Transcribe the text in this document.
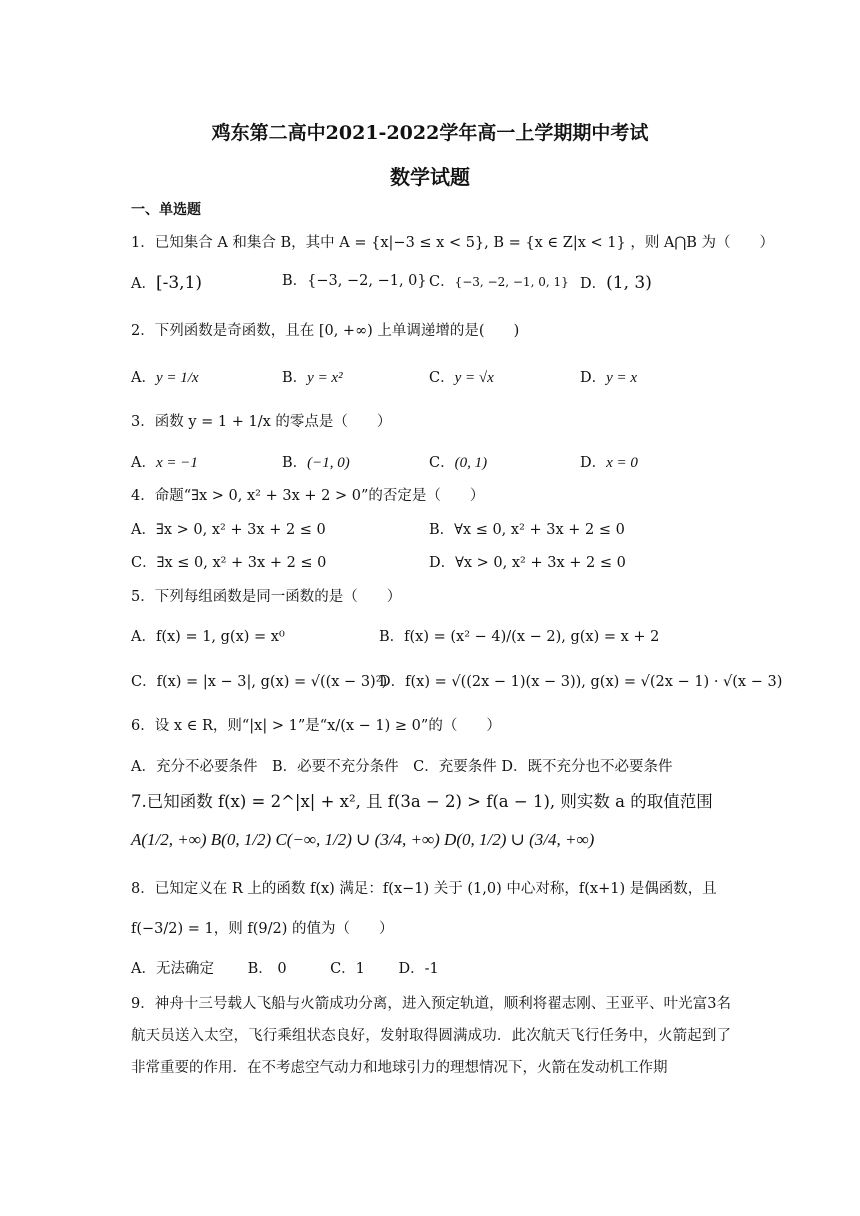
鸡东第二高中2021-2022学年高一上学期期中考试
数学试题
一、单选题
1．已知集合 A 和集合 B，其中 A = {x|−3 ≤ x < 5}, B = {x ∈ Z|x < 1} ，则 A⋂B 为（　　）
A．[-3,1)	B．{−3, −2, −1, 0} C．{−3, −2, −1, 0, 1} D．(1, 3)
2．下列函数是奇函数，且在 [0, +∞) 上单调递增的是(　　)
A．y = 1/x	B．y = x²	C．y = √x	D．y = x
3．函数 y = 1 + 1/x 的零点是（　　）
A．x = −1	B．(−1, 0)	C．(0, 1)	D．x = 0
4．命题“∃x > 0, x² + 3x + 2 > 0”的否定是（　　）
A．∃x > 0, x² + 3x + 2 ≤ 0	B．∀x ≤ 0, x² + 3x + 2 ≤ 0
C．∃x ≤ 0, x² + 3x + 2 ≤ 0	D．∀x > 0, x² + 3x + 2 ≤ 0
5．下列每组函数是同一函数的是（　　）
A．f(x) = 1, g(x) = x⁰	B．f(x) = (x² − 4)/(x − 2), g(x) = x + 2
C．f(x) = |x − 3|, g(x) = √((x − 3)²)
D．f(x) = √((2x − 1)(x − 3)), g(x) = √(2x − 1) · √(x − 3)
6．设 x ∈ R，则“|x| > 1”是“x/(x − 1) ≥ 0”的（　　）
A．充分不必要条件　B．必要不充分条件　C．充要条件 D．既不充分也不必要条件
7.已知函数 f(x) = 2^|x| + x², 且 f(3a − 2) > f(a − 1), 则实数 a 的取值范围
A(1/2, +∞) B(0, 1/2) C(−∞, 1/2) ∪ (3/4, +∞) D(0, 1/2) ∪ (3/4, +∞)
8．已知定义在 R 上的函数 f(x) 满足：f(x−1) 关于 (1,0) 中心对称，f(x+1) 是偶函数，且
f(−3/2) = 1，则 f(9/2) 的值为（　　）
A．无法确定　　 B． 0　　　C．1　　 D．-1
9．神舟十三号载人飞船与火箭成功分离，进入预定轨道，顺利将翟志刚、王亚平、叶光富3名航天员送入太空，飞行乘组状态良好，发射取得圆满成功．此次航天飞行任务中，火箭起到了非常重要的作用．在不考虑空气动力和地球引力的理想情况下，火箭在发动机工作期
